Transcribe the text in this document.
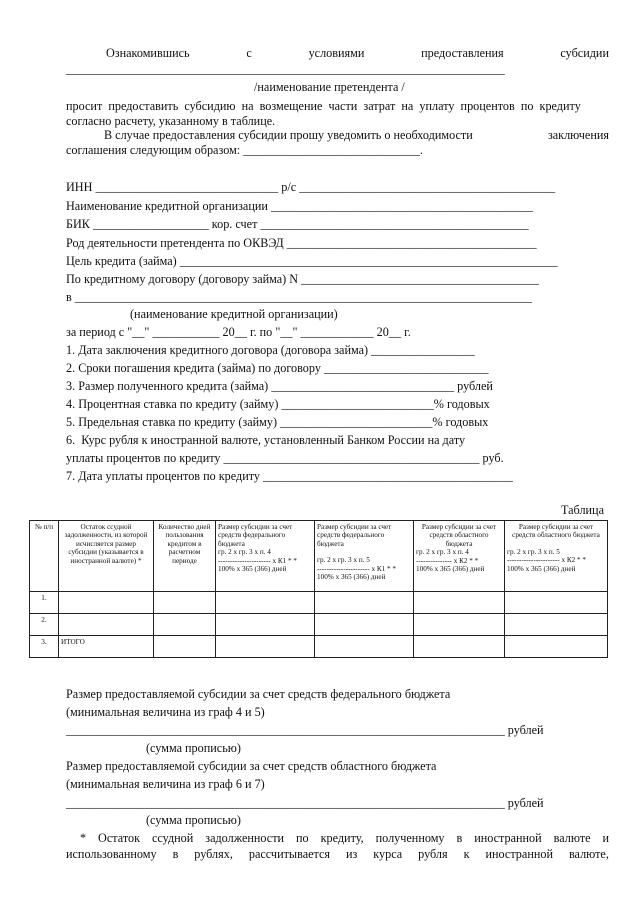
Ознакомившись	с	условиями	предоставления	субсидии
________________________________________________________________________
/наименование претендента /
просит  предоставить  субсидию  на  возмещение  части  затрат  на  уплату  процентов  по  кредиту
согласно расчету, указанному в таблице.
В случае предоставления субсидии прошу уведомить о необходимости	заключения
соглашения следующим образом: _____________________________.
ИНН ______________________________ р/с __________________________________________
Наименование кредитной организации ___________________________________________
БИК ___________________ кор. счет ____________________________________________
Род деятельности претендента по ОКВЭД _________________________________________
Цель кредита (займа) ______________________________________________________________
По кредитному договору (договору займа) N _______________________________________
в ___________________________________________________________________________
(наименование кредитной организации)
за период с "__" ___________ 20__ г. по "__" ____________ 20__ г.
1. Дата заключения кредитного договора (договора займа) _________________
2. Сроки погашения кредита (займа) по договору ___________________________
3. Размер полученного кредита (займа) ______________________________ рублей
4. Процентная ставка по кредиту (займу) _________________________% годовых
5. Предельная ставка по кредиту (займу) _________________________% годовых
6.  Курс рубля к иностранной валюте, установленный Банком России на дату
уплаты процентов по кредиту __________________________________________ руб.
7. Дата уплаты процентов по кредиту _________________________________________
Таблица
№ п/п	Остаток ссудной задолженности, из которой исчисляется размер субсидии (указывается в иностранной валюте) *	Количество дней пользования кредитом в расчетном периоде	Размер субсидии за счет средств федерального бюджета
гр. 2 х гр. 3 х п. 4
---------------------- х К1 * *
100% х 365 (366) дней	Размер субсидии за счет средств федерального бюджета
гр. 2 х гр. 3 х п. 5
---------------------- х К1 * *
100% х 365 (366) дней	Размер субсидии за счет средств областного бюджета
гр. 2 х гр. 3 х п. 4
--------------- х К2 * *
100% х 365 (366) дней	Размер субсидии за счет средств областного бюджета
гр. 2 х гр. 3 х п. 5
---------------------- х К2 * *
100% х 365 (366) дней

1.						
2.						
3.	ИТОГО					
Размер предоставляемой субсидии за счет средств федерального бюджета
(минимальная величина из граф 4 и 5)
________________________________________________________________________ рублей
(сумма прописью)
Размер предоставляемой субсидии за счет средств областного бюджета
(минимальная величина из граф 6 и 7)
________________________________________________________________________ рублей
(сумма прописью)
* Остаток ссудной задолженности по кредиту, полученному в иностранной валюте и
использованному в рублях, рассчитывается из курса рубля к иностранной валюте,
